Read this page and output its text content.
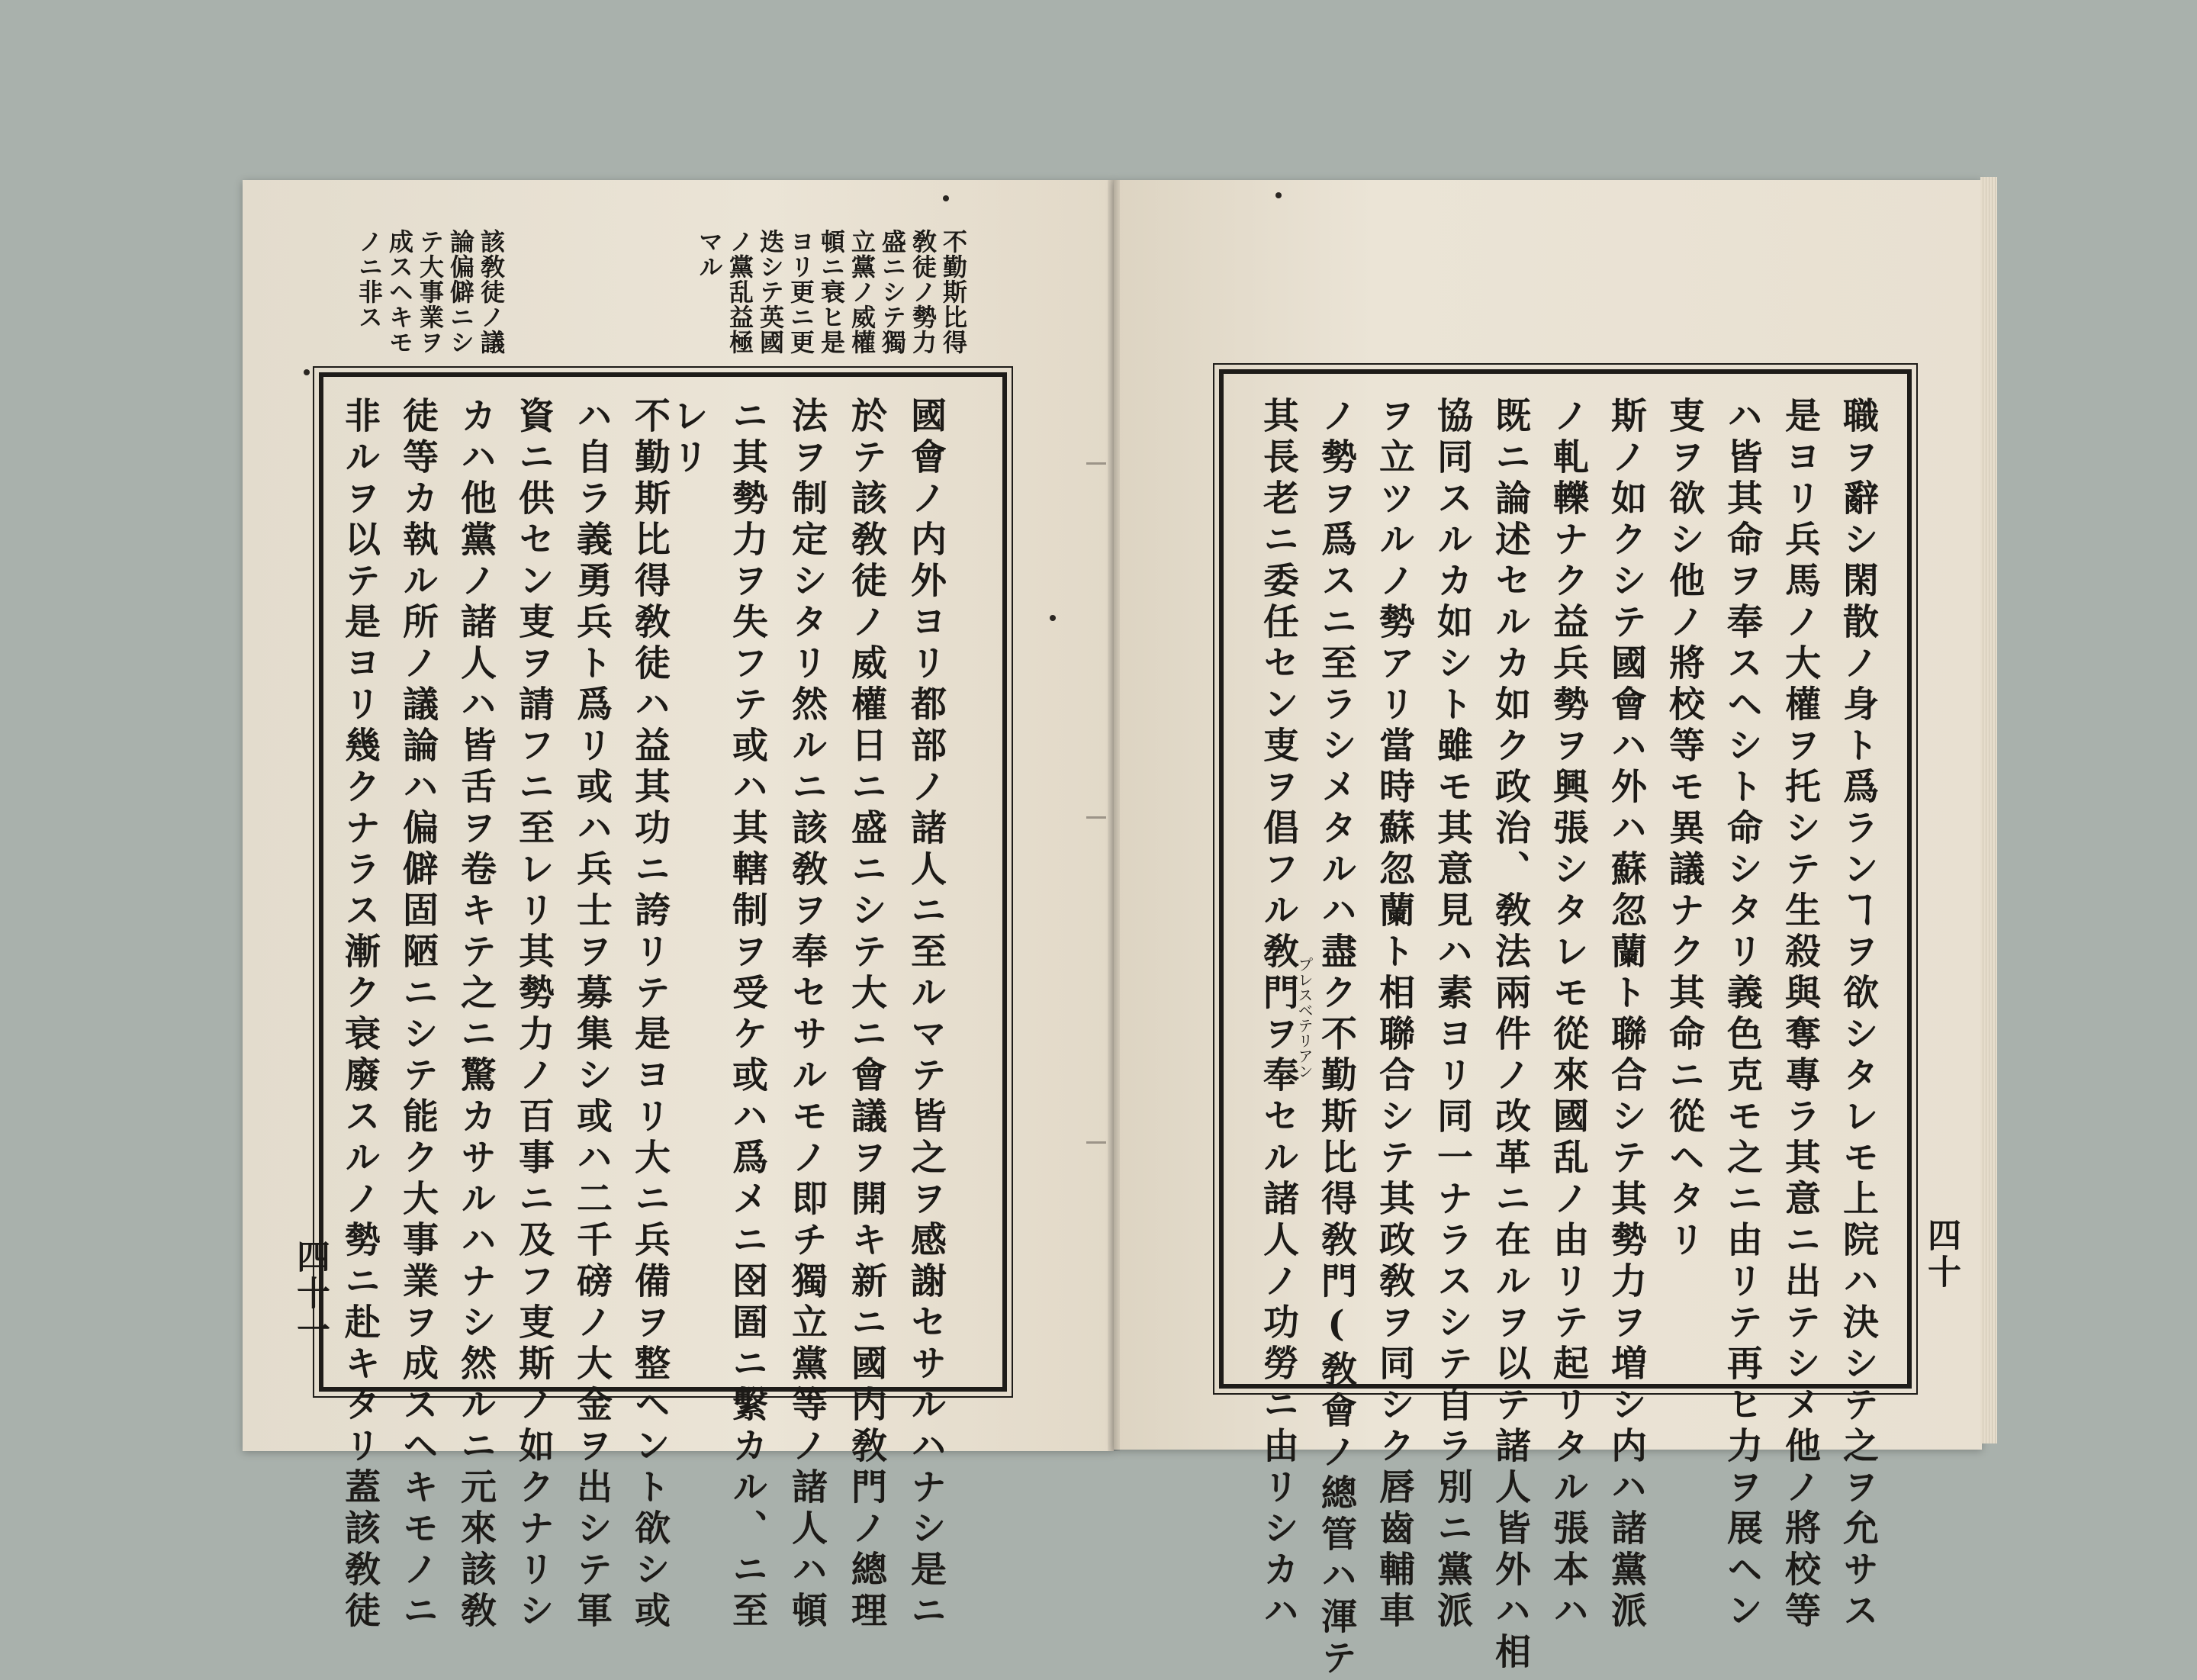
不勤斯比得
敎徒ノ勢力
盛ニシテ獨
立黨ノ威權
頓ニ衰ヒ是
ヨリ更ニ更
迭シテ英國
ノ黨乱益極
マル
該敎徒ノ議
論偏僻ニシ
テ大事業ヲ
成スヘキモ
ノニ非ス
國會ノ内外ヨリ都部ノ諸人ニ至ルマテ皆之ヲ感謝セサルハナシ是ニ
於テ該敎徒ノ威權日ニ盛ニシテ大ニ會議ヲ開キ新ニ國内敎門ノ總理
法ヲ制定シタリ然ルニ該敎ヲ奉セサルモノ即チ獨立黨等ノ諸人ハ頓
ニ其勢力ヲ失フテ或ハ其轄制ヲ受ケ或ハ爲メニ囹圄ニ繫カル、ニ至
レリ
不勤斯比得敎徒ハ益其功ニ誇リテ是ヨリ大ニ兵備ヲ整ヘント欲シ或
ハ自ラ義勇兵ト爲リ或ハ兵士ヲ募集シ或ハ二千磅ノ大金ヲ出シテ軍
資ニ供セン叓ヲ請フニ至レリ其勢力ノ百事ニ及フ叓斯ノ如クナリシ
カハ他黨ノ諸人ハ皆舌ヲ卷キテ之ニ驚カサルハナシ然ルニ元來該敎
徒等カ執ル所ノ議論ハ偏僻固陋ニシテ能ク大事業ヲ成スヘキモノニ
非ルヲ以テ是ヨリ幾クナラス漸ク衰廢スルノ勢ニ赴キタリ蓋該敎徒
四十一	職ヲ辭シ閑散ノ身ト爲ランヿヲ欲シタレモ上院ハ決シテ之ヲ允サス
是ヨリ兵馬ノ大權ヲ托シテ生殺與奪專ラ其意ニ出テシメ他ノ將校等
ハ皆其命ヲ奉スヘシト命シタリ義色克モ之ニ由リテ再ヒ力ヲ展ヘン
叓ヲ欲シ他ノ將校等モ異議ナク其命ニ從ヘタリ
斯ノ如クシテ國會ハ外ハ蘇忽蘭ト聯合シテ其勢力ヲ増シ内ハ諸黨派
ノ軋轢ナク益兵勢ヲ興張シタレモ從來國乱ノ由リテ起リタル張本ハ
既ニ論述セルカ如ク政治、敎法兩件ノ改革ニ在ルヲ以テ諸人皆外ハ相
協同スルカ如シト雖モ其意見ハ素ヨリ同一ナラスシテ自ラ別ニ黨派
ヲ立ツルノ勢アリ當時蘇忽蘭ト相聯合シテ其政敎ヲ同シク唇齒輔車
ノ勢ヲ爲スニ至ラシメタルハ盡ク不勤斯比得敎門(敎會ノ總管ハ渾テ
其長老ニ委任セン叓ヲ倡フル敎門ヲ奉セル諸人ノ功勞ニ由リシカハ
プレスベテリアン
四十
